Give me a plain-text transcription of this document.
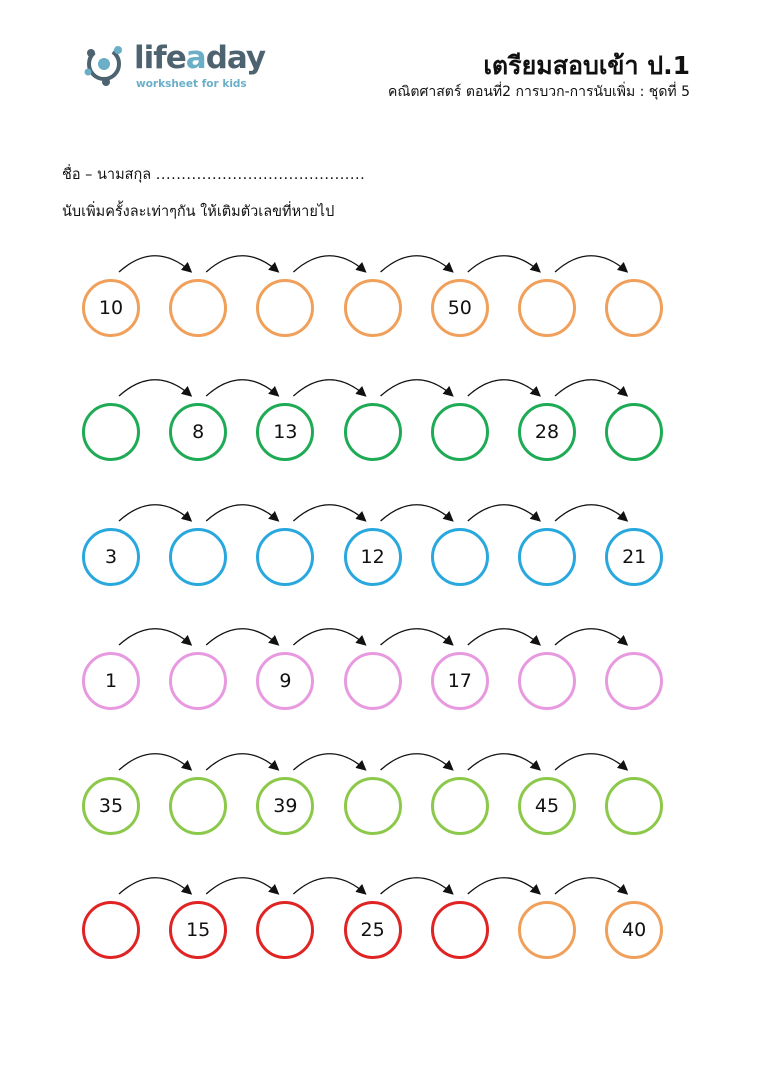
lifeaday
worksheet for kids
เตรียมสอบเข้า ป.1
คณิตศาสตร์ ตอนที่2 การบวก-การนับเพิ่ม : ชุดที่ 5
ชื่อ – นามสกุล .........................................
นับเพิ่มครั้งละเท่าๆกัน ให้เติมตัวเลขที่หายไป
10	50
8	13	28
3	12	21
1	9	17
35	39	45
15	25	40
